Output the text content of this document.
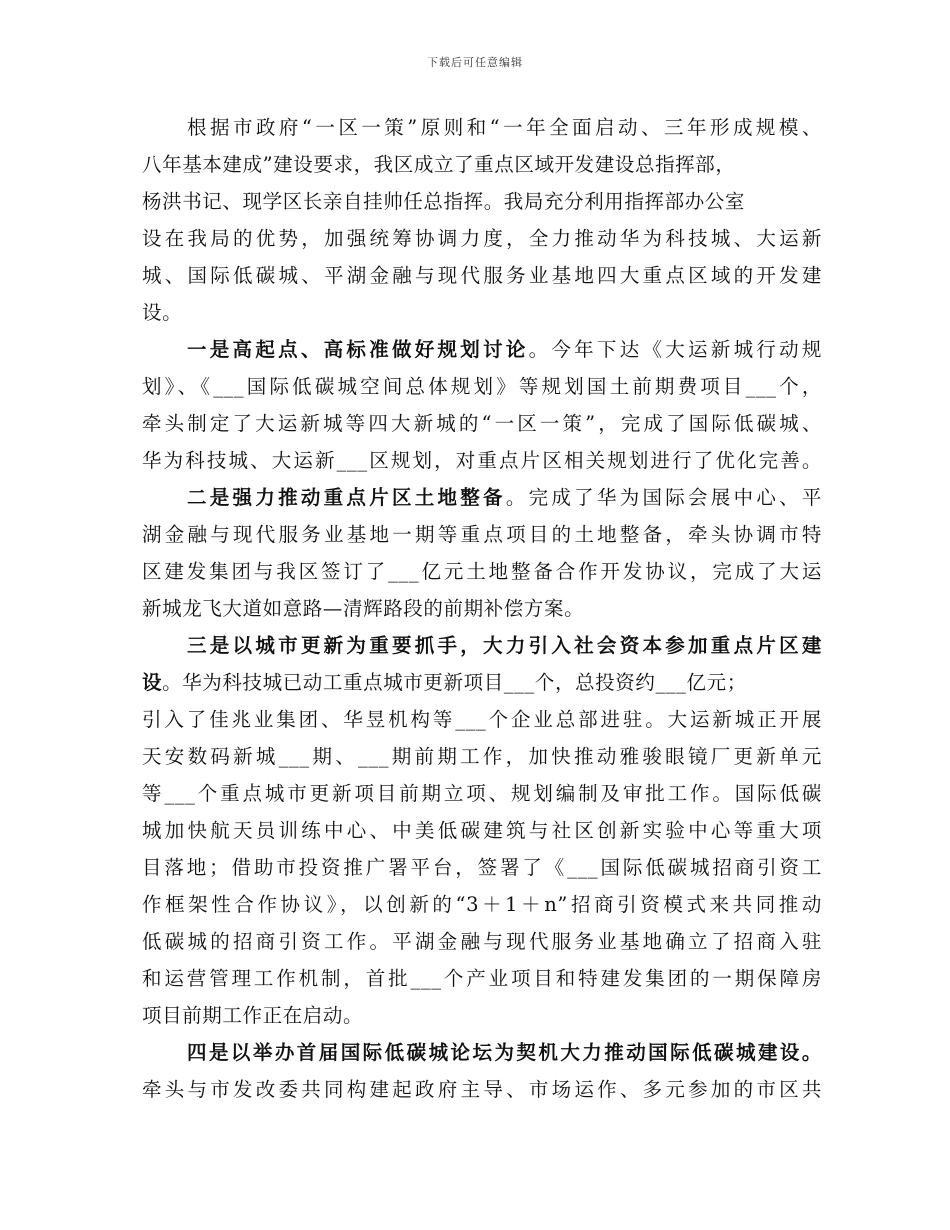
下载后可任意编辑
根据市政府“一区一策”原则和“一年全面启动、三年形成规模、
八年基本建成”建设要求，我区成立了重点区域开发建设总指挥部，
杨洪书记、现学区长亲自挂帅任总指挥。我局充分利用指挥部办公室
设在我局的优势，加强统筹协调力度，全力推动华为科技城、大运新
城、国际低碳城、平湖金融与现代服务业基地四大重点区域的开发建
设。
一是高起点、高标准做好规划讨论。今年下达《大运新城行动规
划》、《___国际低碳城空间总体规划》等规划国土前期费项目___个，
牵头制定了大运新城等四大新城的“一区一策”，完成了国际低碳城、
华为科技城、大运新___区规划，对重点片区相关规划进行了优化完善。
二是强力推动重点片区土地整备。完成了华为国际会展中心、平
湖金融与现代服务业基地一期等重点项目的土地整备，牵头协调市特
区建发集团与我区签订了___亿元土地整备合作开发协议，完成了大运
新城龙飞大道如意路—清辉路段的前期补偿方案。
三是以城市更新为重要抓手，大力引入社会资本参加重点片区建
设。华为科技城已动工重点城市更新项目___个，总投资约___亿元；
引入了佳兆业集团、华昱机构等___个企业总部进驻。大运新城正开展
天安数码新城___期、___期前期工作，加快推动雅骏眼镜厂更新单元
等___个重点城市更新项目前期立项、规划编制及审批工作。国际低碳
城加快航天员训练中心、中美低碳建筑与社区创新实验中心等重大项
目落地；借助市投资推广署平台，签署了《___国际低碳城招商引资工
作框架性合作协议》，以创新的“3＋1＋n”招商引资模式来共同推动
低碳城的招商引资工作。平湖金融与现代服务业基地确立了招商入驻
和运营管理工作机制，首批___个产业项目和特建发集团的一期保障房
项目前期工作正在启动。
四是以举办首届国际低碳城论坛为契机大力推动国际低碳城建设。
牵头与市发改委共同构建起政府主导、市场运作、多元参加的市区共
